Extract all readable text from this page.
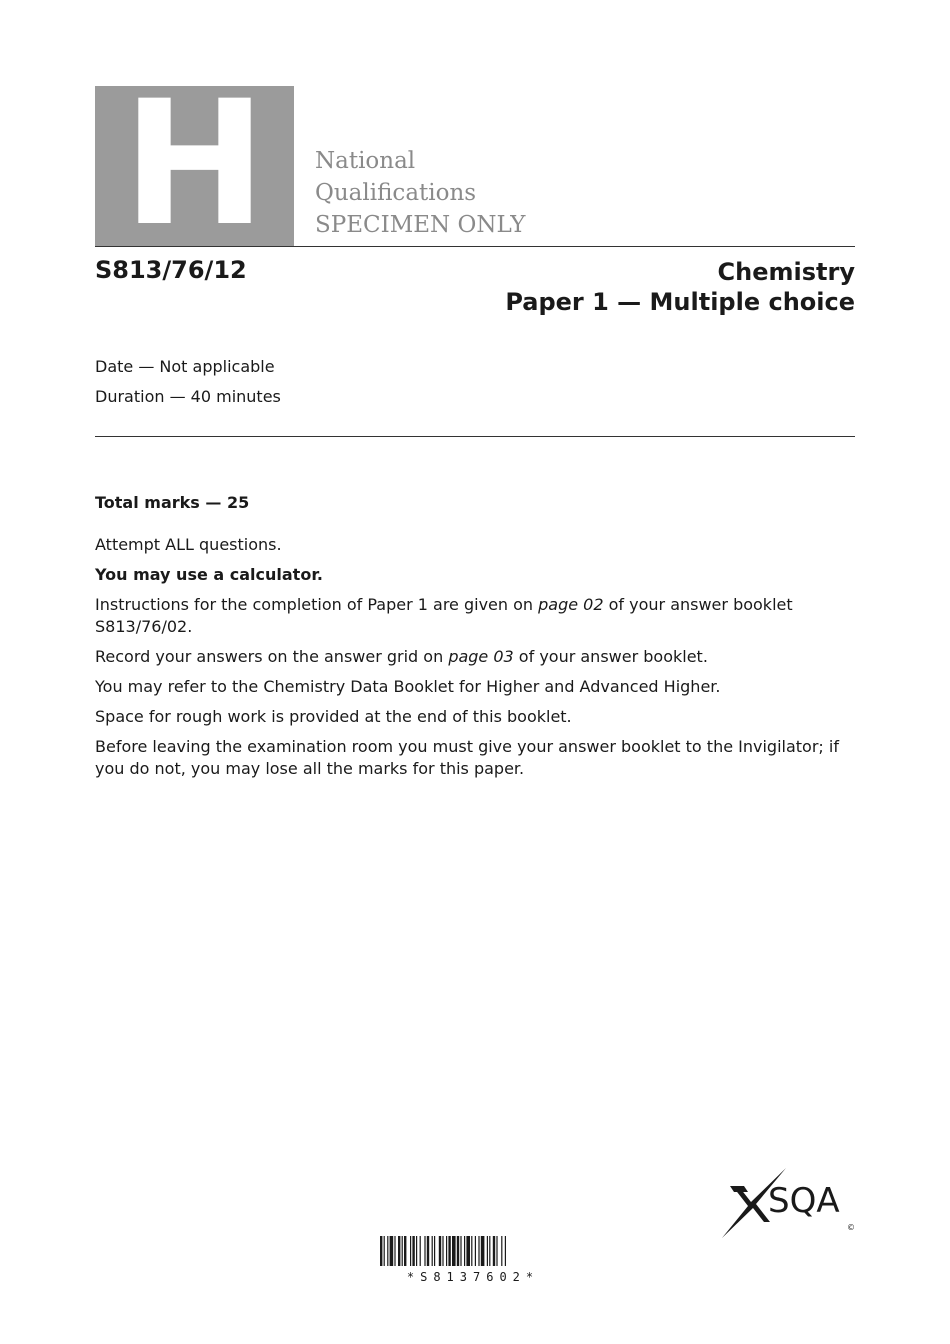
H	National
Qualifications
SPECIMEN ONLY
S813/76/12	Chemistry
Paper 1 — Multiple choice
Date — Not applicable
Duration — 40 minutes
Total marks — 25

Attempt ALL questions.

You may use a calculator.

Instructions for the completion of Paper 1 are given on page 02 of your answer booklet S813/76/02.

Record your answers on the answer grid on page 03 of your answer booklet.

You may refer to the Chemistry Data Booklet for Higher and Advanced Higher.

Space for rough work is provided at the end of this booklet.

Before leaving the examination room you must give your answer booklet to the Invigilator; if you do not, you may lose all the marks for this paper.

SQA
©
*S8137602*
